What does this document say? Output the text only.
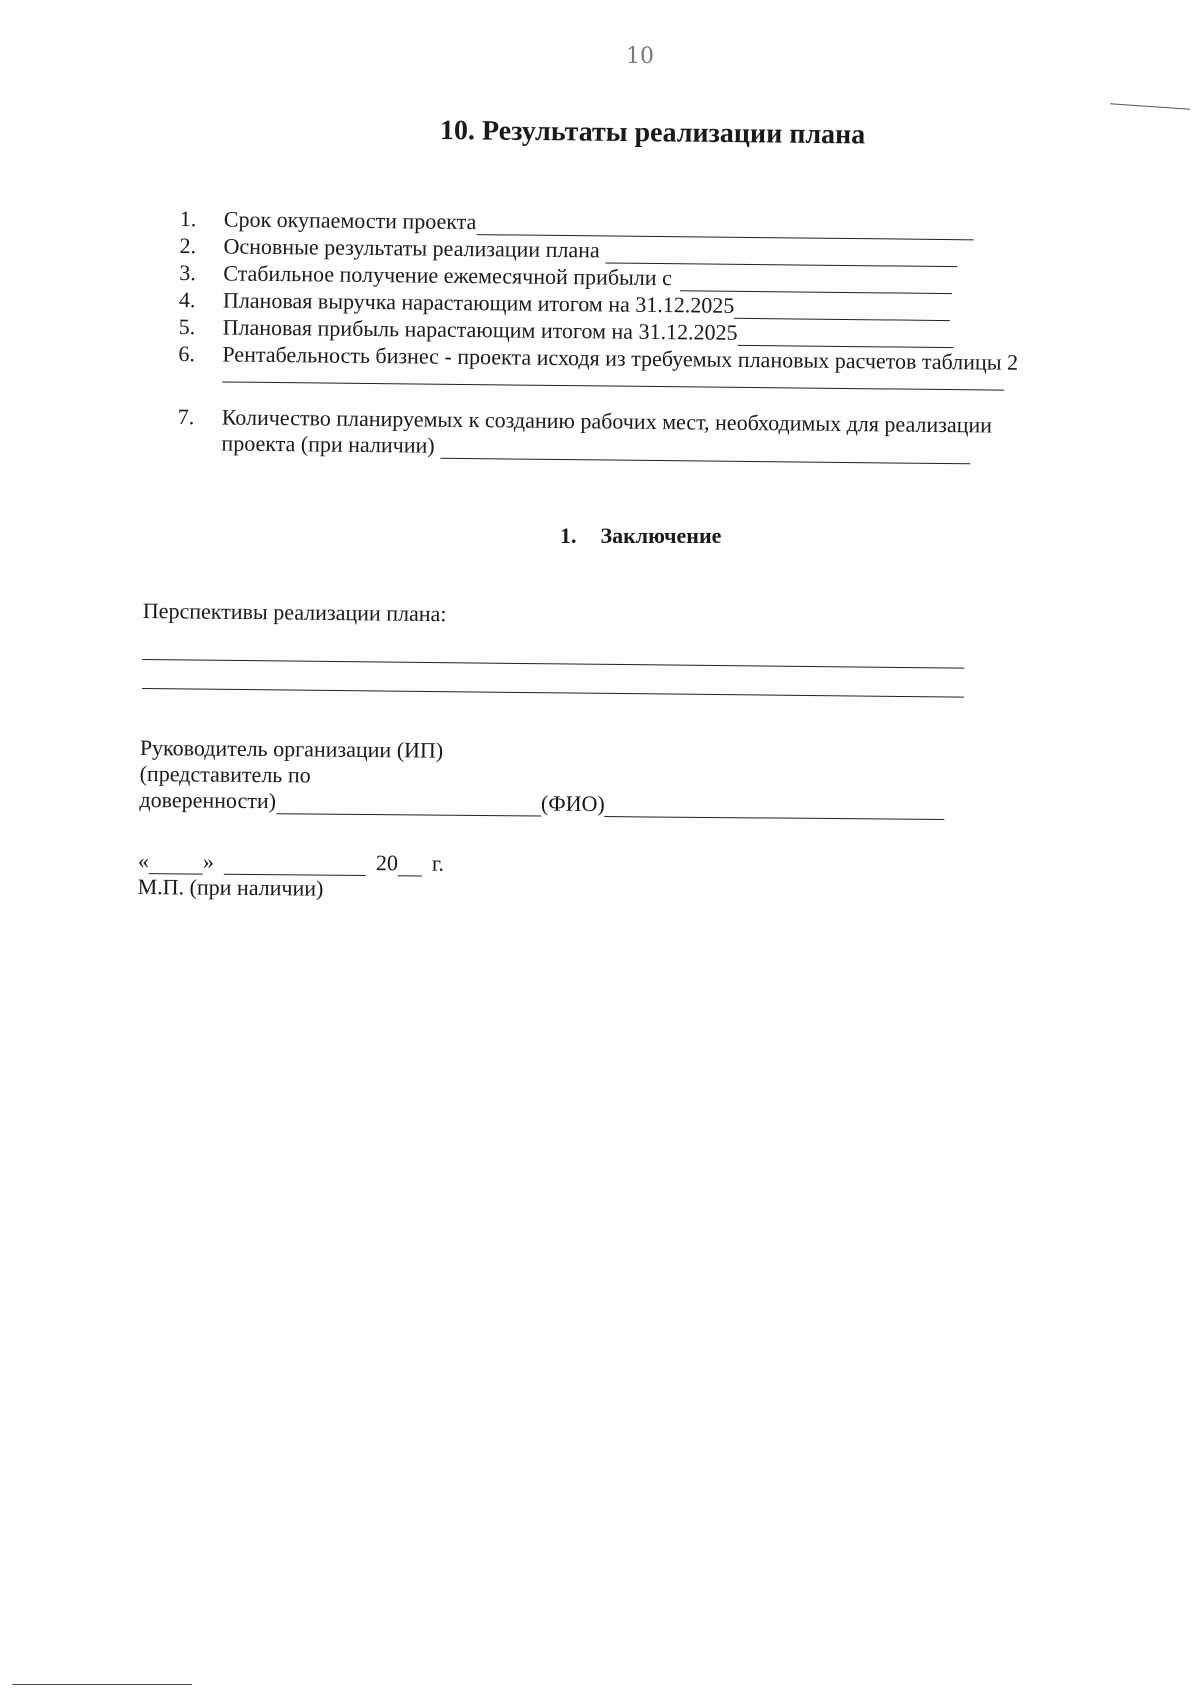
10
10. Результаты реализации плана
1.	Срок окупаемости проекта
2.	Основные результаты реализации плана
3.	Стабильное получение ежемесячной прибыли с
4.	Плановая выручка нарастающим итогом на 31.12.2025
5.	Плановая прибыль нарастающим итогом на 31.12.2025
6.	Рентабельность бизнес - проекта исходя из требуемых плановых расчетов таблицы 2
7.	Количество планируемых к созданию рабочих мест, необходимых для реализации
проекта (при наличии)
1. Заключение
Перспективы реализации плана:
Руководитель организации (ИП)
(представитель по
доверенности)	(ФИО)
« »	20 г.
М.П. (при наличии)
